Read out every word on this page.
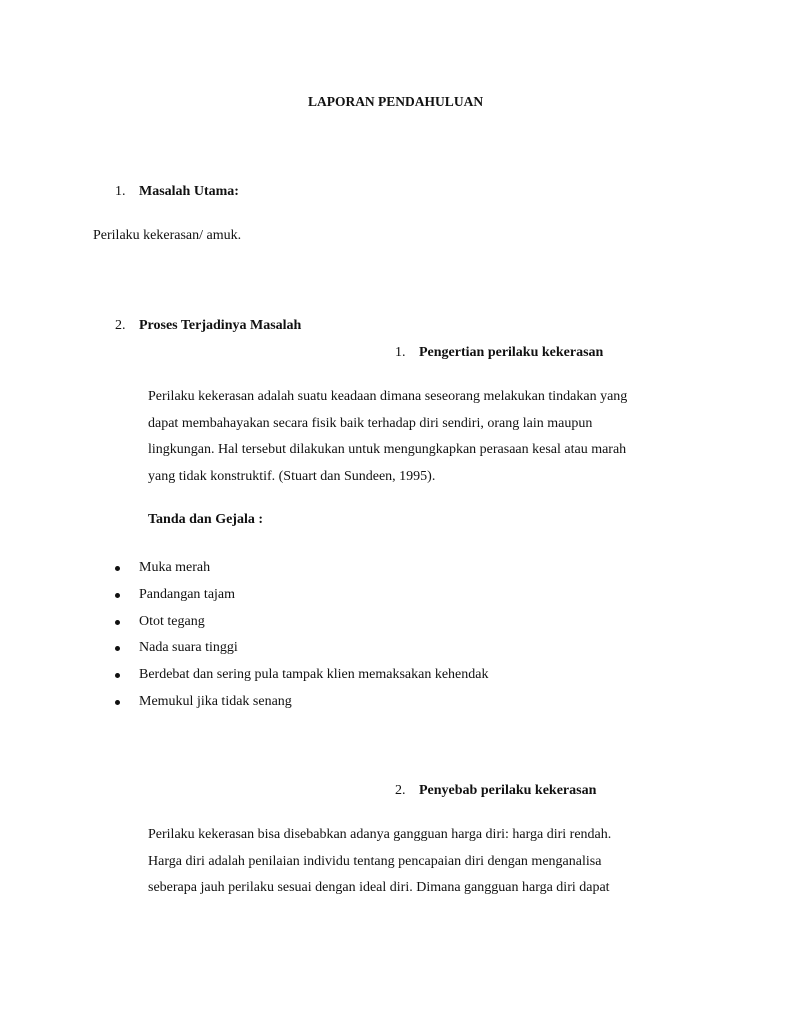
LAPORAN PENDAHULUAN
1. Masalah Utama:
Perilaku kekerasan/ amuk.
2. Proses Terjadinya Masalah
1. Pengertian perilaku kekerasan

Perilaku kekerasan adalah suatu keadaan dimana seseorang melakukan tindakan yang
dapat membahayakan secara fisik baik terhadap diri sendiri, orang lain maupun
lingkungan. Hal tersebut dilakukan untuk mengungkapkan perasaan kesal atau marah
yang tidak konstruktif. (Stuart dan Sundeen, 1995).

Tanda dan Gejala :
Muka merah
Pandangan tajam
Otot tegang
Nada suara tinggi
Berdebat dan sering pula tampak klien memaksakan kehendak
Memukul jika tidak senang
2. Penyebab perilaku kekerasan

Perilaku kekerasan bisa disebabkan adanya gangguan harga diri: harga diri rendah.
Harga diri adalah penilaian individu tentang pencapaian diri dengan menganalisa
seberapa jauh perilaku sesuai dengan ideal diri. Dimana gangguan harga diri dapat
